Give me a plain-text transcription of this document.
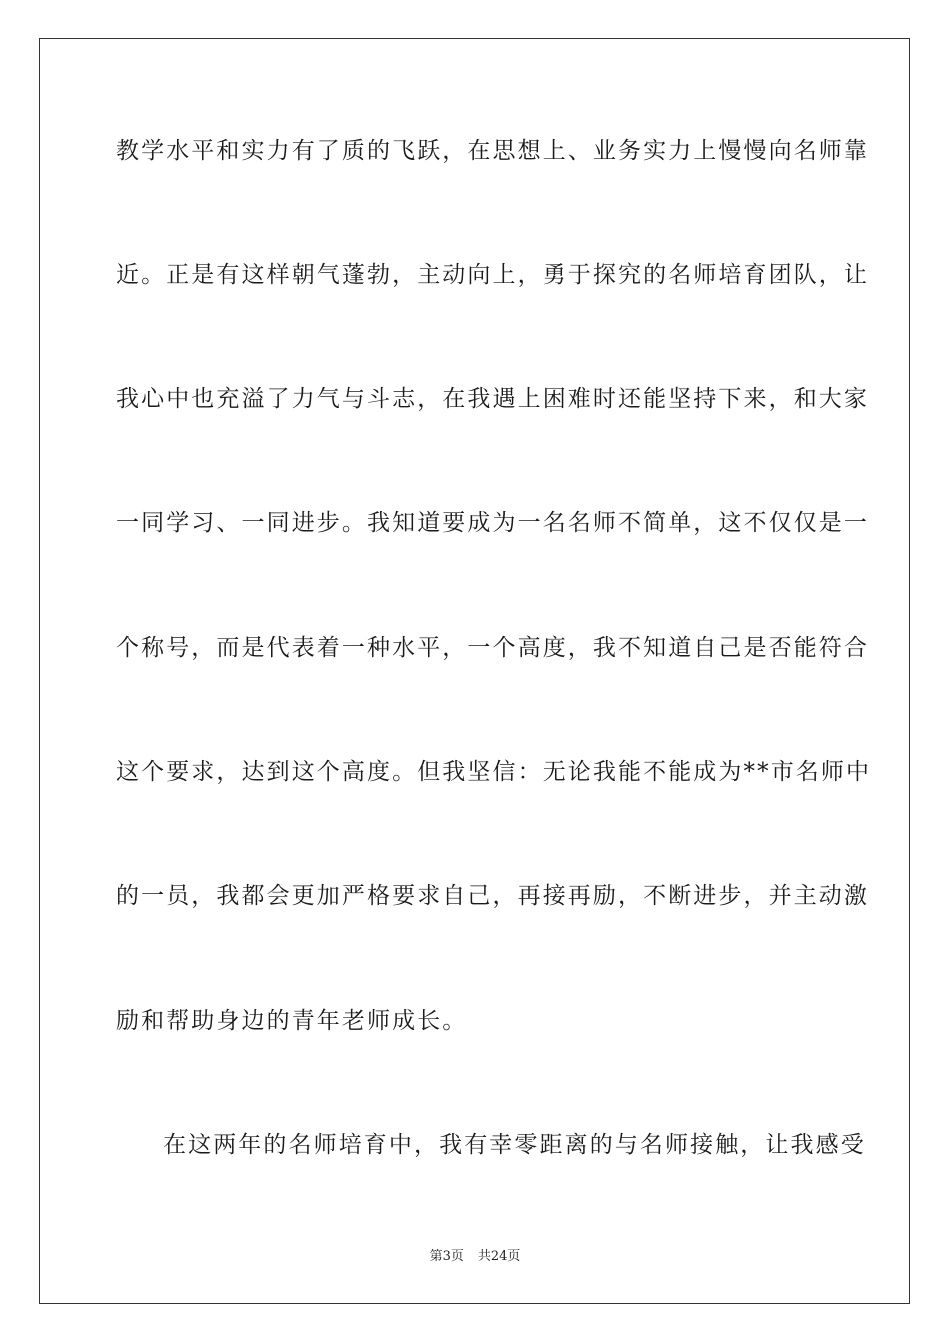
教学水平和实力有了质的飞跃，在思想上、业务实力上慢慢向名师靠
近。正是有这样朝气蓬勃，主动向上，勇于探究的名师培育团队，让
我心中也充溢了力气与斗志，在我遇上困难时还能坚持下来，和大家
一同学习、一同进步。我知道要成为一名名师不简单，这不仅仅是一
个称号，而是代表着一种水平，一个高度，我不知道自己是否能符合
这个要求，达到这个高度。但我坚信：无论我能不能成为**市名师中
的一员，我都会更加严格要求自己，再接再励，不断进步，并主动激
励和帮助身边的青年老师成长。
在这两年的名师培育中，我有幸零距离的与名师接触，让我感受
第3页 共24页
